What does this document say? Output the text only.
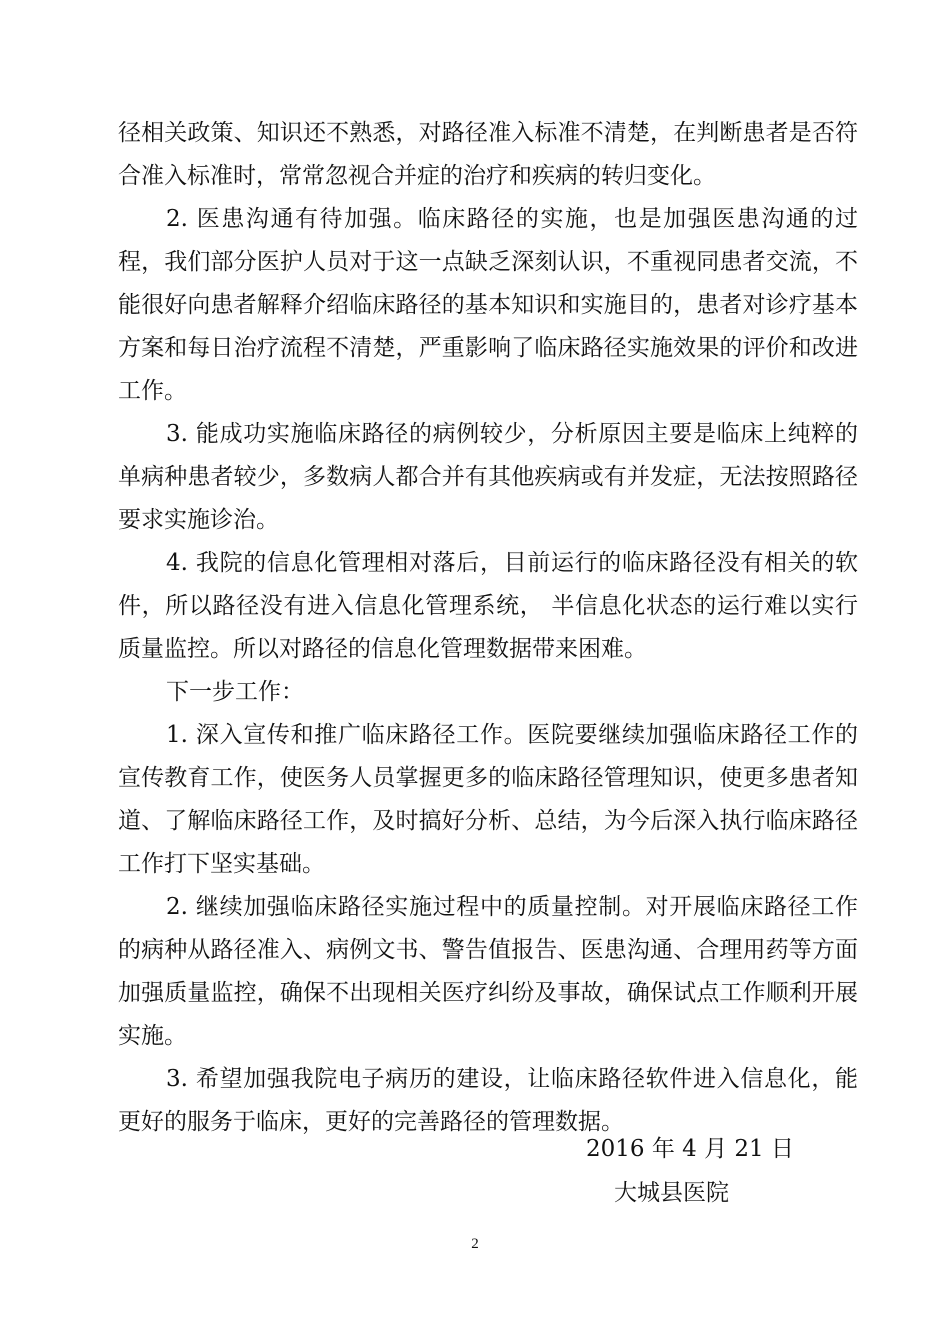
径相关政策、知识还不熟悉，对路径准入标准不清楚，在判断患者是否符合准入标准时，常常忽视合并症的治疗和疾病的转归变化。

2. 医患沟通有待加强。临床路径的实施，也是加强医患沟通的过程，我们部分医护人员对于这一点缺乏深刻认识，不重视同患者交流，不能很好向患者解释介绍临床路径的基本知识和实施目的，患者对诊疗基本方案和每日治疗流程不清楚，严重影响了临床路径实施效果的评价和改进工作。

3. 能成功实施临床路径的病例较少，分析原因主要是临床上纯粹的单病种患者较少，多数病人都合并有其他疾病或有并发症，无法按照路径要求实施诊治。

4. 我院的信息化管理相对落后，目前运行的临床路径没有相关的软件，所以路径没有进入信息化管理系统， 半信息化状态的运行难以实行质量监控。所以对路径的信息化管理数据带来困难。

下一步工作：

1. 深入宣传和推广临床路径工作。医院要继续加强临床路径工作的宣传教育工作，使医务人员掌握更多的临床路径管理知识，使更多患者知道、了解临床路径工作，及时搞好分析、总结，为今后深入执行临床路径工作打下坚实基础。

2. 继续加强临床路径实施过程中的质量控制。对开展临床路径工作的病种从路径准入、病例文书、警告值报告、医患沟通、合理用药等方面加强质量监控，确保不出现相关医疗纠纷及事故，确保试点工作顺利开展实施。

3. 希望加强我院电子病历的建设，让临床路径软件进入信息化，能更好的服务于临床，更好的完善路径的管理数据。

2016 年 4 月 21 日
大城县医院
2
